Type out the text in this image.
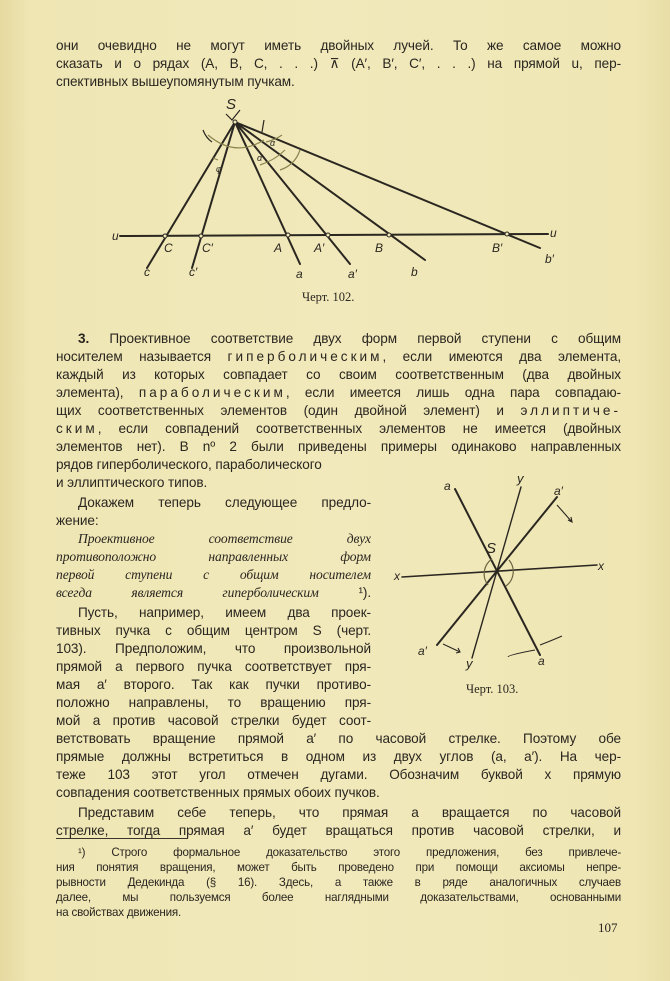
они очевидно не могут иметь двойных лучей. То же самое можно
сказать и о рядах (A, B, C, . . .) ⊼ (A′, B′, C′, . . .) на прямой u, пер-
спективных вышеупомянутым пучкам.
S
u	u
C C′	A	A′	B	B′
c	c′	a	a′	b
b′
φ
α
α
S
x
x
y
y
a
a
a′
a′
Черт. 102.
3. Проективное соответствие двух форм первой ступени с общим
носителем называется гиперболическим, если имеются два элемента,
каждый из которых совпадает со своим соответственным (два двойных
элемента), параболическим, если имеется лишь одна пара совпадаю-
щих соответственных элементов (один двойной элемент) и эллиптиче-
ским, если совпадений соответственных элементов не имеется (двойных
элементов нет). В nº 2 были приведены примеры одинаково направленных
рядов гиперболического, параболического
и эллиптического типов.
Докажем теперь следующее предло-
жение:
Проективное соответствие двух
противоположно направленных форм
первой ступени с общим носителем
всегда является гиперболическим	¹).
Пусть, например, имеем два проек-
тивных пучка с общим центром S (черт.
103). Предположим, что произвольной
прямой a первого пучка соответствует пря-
мая a′ второго. Так как пучки противо-
положно направлены, то вращению пря-
мой a против часовой стрелки будет соот-
Черт. 103.
ветствовать вращение прямой a′ по часовой стрелке. Поэтому обе
прямые должны встретиться в одном из двух углов (a, a′). На чер-
теже 103 этот угол отмечен дугами. Обозначим буквой x прямую
совпадения соответственных прямых обоих пучков.
Представим себе теперь, что прямая a вращается по часовой
стрелке, тогда прямая a′ будет вращаться против часовой стрелки, и
¹) Строго формальное доказательство этого предложения, без привлече-
ния понятия вращения, может быть проведено при помощи аксиомы непре-
рывности Дедекинда (§ 16). Здесь, а также в ряде аналогичных случаев
далее, мы пользуемся более наглядными доказательствами, основанными
на свойствах движения.
107
